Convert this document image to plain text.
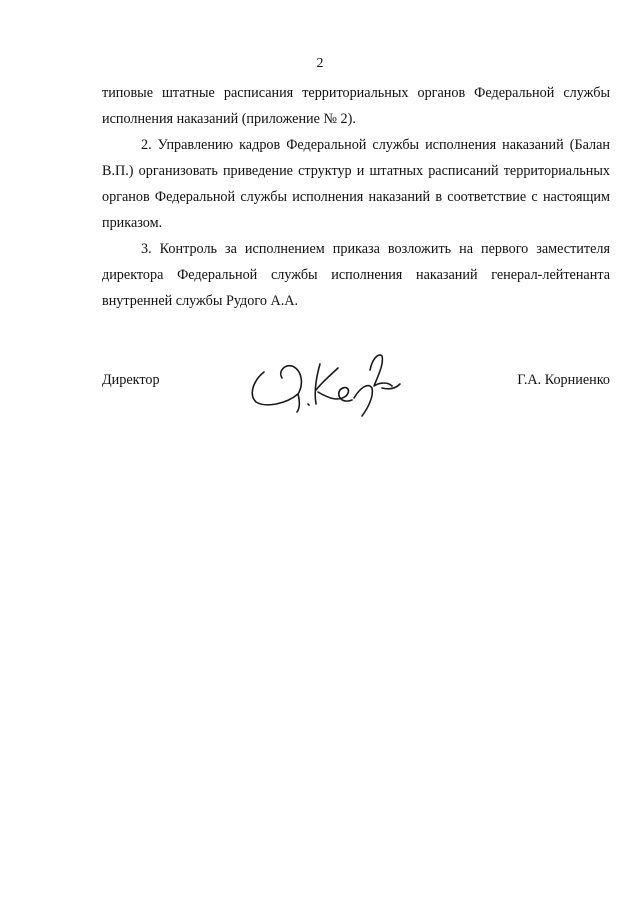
2

типовые штатные расписания территориальных органов Федеральной службы исполнения наказаний (приложение № 2).

2. Управлению кадров Федеральной службы исполнения наказаний (Балан В.П.) организовать приведение структур и штатных расписаний территориальных органов Федеральной службы исполнения наказаний в соответствие с настоящим приказом.

3. Контроль за исполнением приказа возложить на первого заместителя директора Федеральной службы исполнения наказаний генерал-лейтенанта внутренней службы Рудого А.А.

Директор	Г.А. Корниенко
